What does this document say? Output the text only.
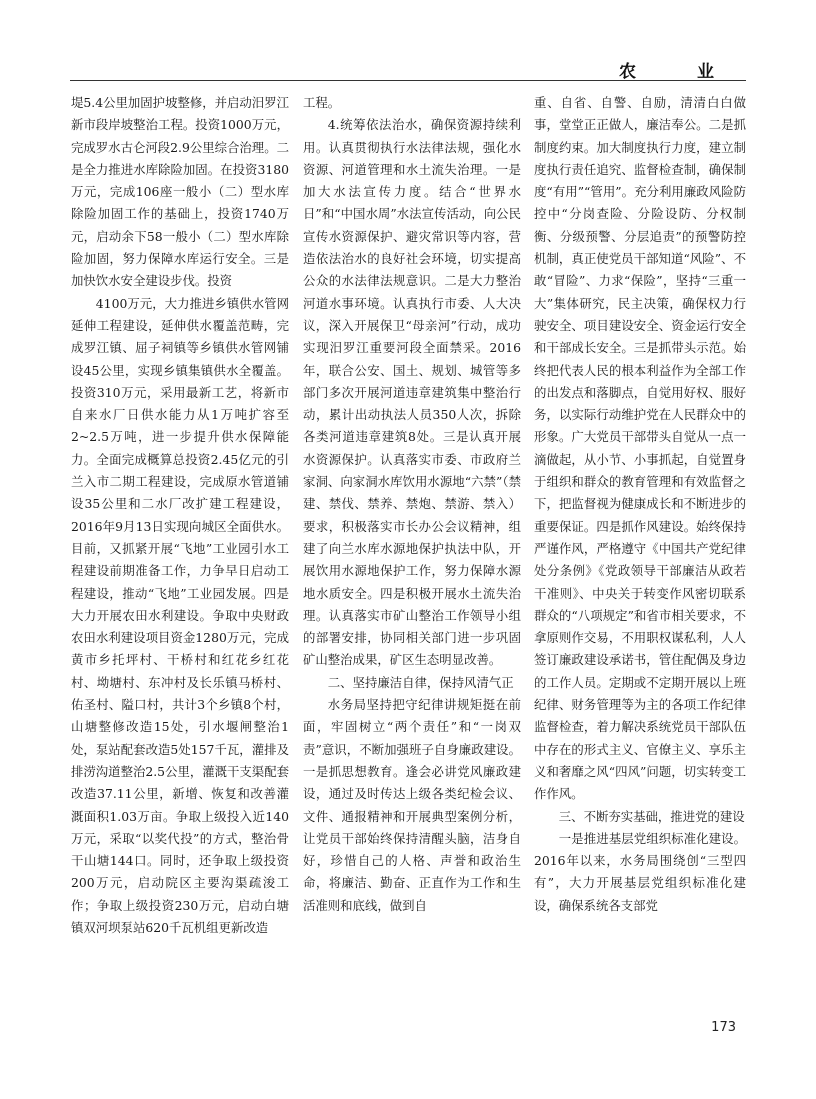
农　业

堤5.4公里加固护坡整修，并启动汨罗江新市段岸坡整治工程。投资1000万元，完成罗水古仑河段2.9公里综合治理。二是全力推进水库除险加固。在投资3180万元，完成106座一般小（二）型水库除险加固工作的基础上，投资1740万元，启动余下58一般小（二）型水库除险加固，努力保障水库运行安全。三是加快饮水安全建设步伐。投资

4100万元，大力推进乡镇供水管网延伸工程建设，延伸供水覆盖范畴，完成罗江镇、屈子祠镇等乡镇供水管网铺设45公里，实现乡镇集镇供水全覆盖。投资310万元，采用最新工艺，将新市自来水厂日供水能力从1万吨扩容至2~2.5万吨，进一步提升供水保障能力。全面完成概算总投资2.45亿元的引兰入市二期工程建设，完成原水管道铺设35公里和二水厂改扩建工程建设，2016年9月13日实现向城区全面供水。目前，又抓紧开展“飞地”工业园引水工程建设前期准备工作，力争早日启动工程建设，推动“飞地”工业园发展。四是大力开展农田水利建设。争取中央财政农田水利建设项目资金1280万元，完成黄市乡托坪村、干桥村和红花乡红花村、坳塘村、东冲村及长乐镇马桥村、佑圣村、隘口村，共计3个乡镇8个村，山塘整修改造15处，引水堰闸整治1处，泵站配套改造5处157千瓦，灌排及排涝沟道整治2.5公里，灌溉干支渠配套改造37.11公里，新增、恢复和改善灌溉面积1.03万亩。争取上级投入近140万元，采取“以奖代投”的方式，整治骨干山塘144口。同时，还争取上级投资200万元，启动院区主要沟渠疏浚工作；争取上级投资230万元，启动白塘镇双河坝泵站620千瓦机组更新改造

工程。

4.统筹依法治水，确保资源持续利用。认真贯彻执行水法律法规，强化水资源、河道管理和水土流失治理。一是加大水法宣传力度。结合“世界水日”和“中国水周”水法宣传活动，向公民宣传水资源保护、避灾常识等内容，营造依法治水的良好社会环境，切实提高公众的水法律法规意识。二是大力整治河道水事环境。认真执行市委、人大决议，深入开展保卫“母亲河”行动，成功实现汨罗江重要河段全面禁采。2016年，联合公安、国土、规划、城管等多部门多次开展河道违章建筑集中整治行动，累计出动执法人员350人次，拆除各类河道违章建筑8处。三是认真开展水资源保护。认真落实市委、市政府兰家洞、向家洞水库饮用水源地“六禁”（禁建、禁伐、禁养、禁炮、禁游、禁入）要求，积极落实市长办公会议精神，组建了向兰水库水源地保护执法中队，开展饮用水源地保护工作，努力保障水源地水质安全。四是积极开展水土流失治理。认真落实市矿山整治工作领导小组的部署安排，协同相关部门进一步巩固矿山整治成果，矿区生态明显改善。

二、坚持廉洁自律，保持风清气正

水务局坚持把守纪律讲规矩挺在前面，牢固树立“两个责任”和“一岗双责”意识，不断加强班子自身廉政建设。一是抓思想教育。逢会必讲党风廉政建设，通过及时传达上级各类纪检会议、文件、通报精神和开展典型案例分析，让党员干部始终保持清醒头脑，洁身自好，珍惜自己的人格、声誉和政治生命，将廉洁、勤奋、正直作为工作和生活准则和底线，做到自

重、自省、自警、自励，清清白白做事，堂堂正正做人，廉洁奉公。二是抓制度约束。加大制度执行力度，建立制度执行责任追究、监督检查制，确保制度“有用”“管用”。充分利用廉政风险防控中“分岗查险、分险设防、分权制衡、分级预警、分层追责”的预警防控机制，真正使党员干部知道“风险”、不敢“冒险”、力求“保险”，坚持“三重一大”集体研究，民主决策，确保权力行驶安全、项目建设安全、资金运行安全和干部成长安全。三是抓带头示范。始终把代表人民的根本利益作为全部工作的出发点和落脚点，自觉用好权、服好务，以实际行动维护党在人民群众中的形象。广大党员干部带头自觉从一点一滴做起，从小节、小事抓起，自觉置身于组织和群众的教育管理和有效监督之下，把监督视为健康成长和不断进步的重要保证。四是抓作风建设。始终保持严谨作风，严格遵守《中国共产党纪律处分条例》《党政领导干部廉洁从政若干准则》、中央关于转变作风密切联系群众的“八项规定”和省市相关要求，不拿原则作交易，不用职权谋私利，人人签订廉政建设承诺书，管住配偶及身边的工作人员。定期或不定期开展以上班纪律、财务管理等为主的各项工作纪律监督检查，着力解决系统党员干部队伍中存在的形式主义、官僚主义、享乐主义和奢靡之风“四风”问题，切实转变工作作风。

三、不断夯实基础，推进党的建设

一是推进基层党组织标准化建设。2016年以来，水务局围绕创“三型四有”，大力开展基层党组织标准化建设，确保系统各支部党

173
